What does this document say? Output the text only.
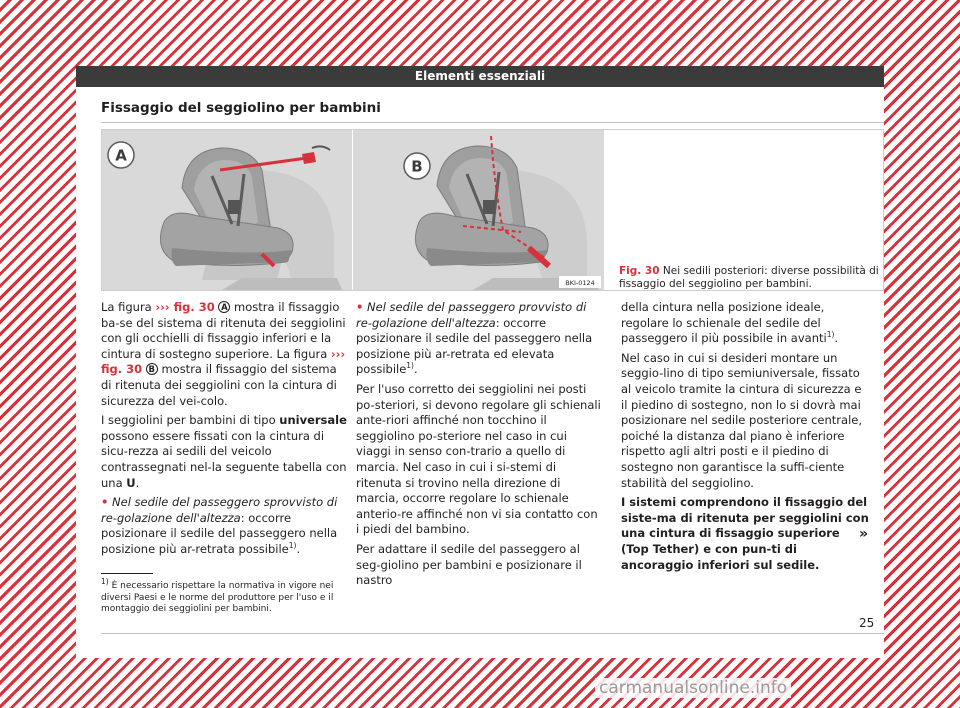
Elementi essenziali
Fissaggio del seggiolino per bambini
A
B
BKI-0124
Fig. 30 Nei sedili posteriori: diverse possibilità di fissaggio del seggiolino per bambini.

La figura ››› fig. 30 A mostra il fissaggio ba-se del sistema di ritenuta dei seggiolini con gli occhielli di fissaggio inferiori e la cintura di sostegno superiore. La figura ››› fig. 30 B mostra il fissaggio del sistema di ritenuta dei seggiolini con la cintura di sicurezza del vei-colo.

I seggiolini per bambini di tipo universale possono essere fissati con la cintura di sicu-rezza ai sedili del veicolo contrassegnati nel-la seguente tabella con una U.

• Nel sedile del passeggero sprovvisto di re-golazione dell'altezza: occorre posizionare il sedile del passeggero nella posizione più ar-retrata possibile$^{1)}$.

• Nel sedile del passeggero provvisto di re-golazione dell'altezza: occorre posizionare il sedile del passeggero nella posizione più ar-retrata ed elevata possibile$^{1)}$.

Per l'uso corretto dei seggiolini nei posti po-steriori, si devono regolare gli schienali ante-riori affinché non tocchino il seggiolino po-steriore nel caso in cui viaggi in senso con-trario a quello di marcia. Nel caso in cui i si-stemi di ritenuta si trovino nella direzione di marcia, occorre regolare lo schienale anterio-re affinché non vi sia contatto con i piedi del bambino.

Per adattare il sedile del passeggero al seg-giolino per bambini e posizionare il nastro

della cintura nella posizione ideale, regolare lo schienale del sedile del passeggero il più possibile in avanti$^{1)}$.

Nel caso in cui si desideri montare un seggio-lino di tipo semiuniversale, fissato al veicolo tramite la cintura di sicurezza e il piedino di sostegno, non lo si dovrà mai posizionare nel sedile posteriore centrale, poiché la distanza dal piano è inferiore rispetto agli altri posti e il piedino di sostegno non garantisce la suffi-ciente stabilità del seggiolino.

I sistemi comprendono il fissaggio del siste-ma di ritenuta per seggiolini con una cintura di fissaggio superiore (Top Tether) e con pun-ti di ancoraggio inferiori sul sedile.

»
$^{1)}$ È necessario rispettare la normativa in vigore nei diversi Paesi e le norme del produttore per l'uso e il montaggio dei seggiolini per bambini.
25
carmanualsonline.info
